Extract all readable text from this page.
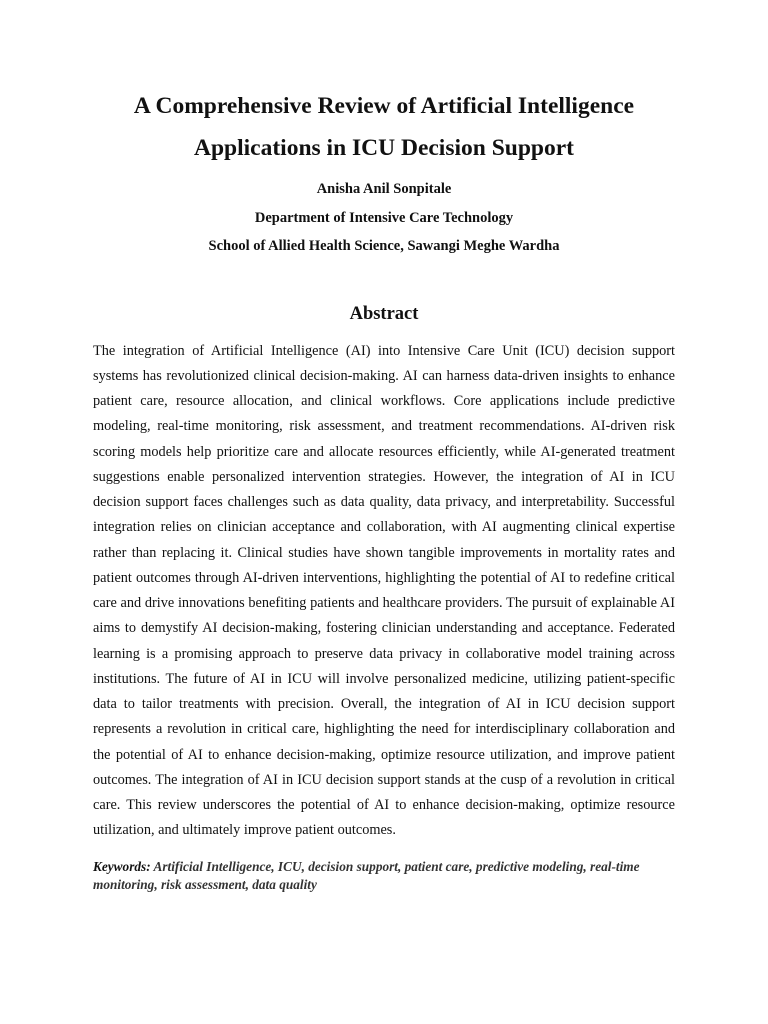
A Comprehensive Review of Artificial Intelligence
Applications in ICU Decision Support
Anisha Anil Sonpitale
Department of Intensive Care Technology
School of Allied Health Science, Sawangi Meghe Wardha
Abstract

The integration of Artificial Intelligence (AI) into Intensive Care Unit (ICU) decision support systems has revolutionized clinical decision-making. AI can harness data-driven insights to enhance patient care, resource allocation, and clinical workflows. Core applications include predictive modeling, real-time monitoring, risk assessment, and treatment recommendations. AI-driven risk scoring models help prioritize care and allocate resources efficiently, while AI-generated treatment suggestions enable personalized intervention strategies. However, the integration of AI in ICU decision support faces challenges such as data quality, data privacy, and interpretability. Successful integration relies on clinician acceptance and collaboration, with AI augmenting clinical expertise rather than replacing it. Clinical studies have shown tangible improvements in mortality rates and patient outcomes through AI-driven interventions, highlighting the potential of AI to redefine critical care and drive innovations benefiting patients and healthcare providers. The pursuit of explainable AI aims to demystify AI decision-making, fostering clinician understanding and acceptance. Federated learning is a promising approach to preserve data privacy in collaborative model training across institutions. The future of AI in ICU will involve personalized medicine, utilizing patient-specific data to tailor treatments with precision. Overall, the integration of AI in ICU decision support represents a revolution in critical care, highlighting the need for interdisciplinary collaboration and the potential of AI to enhance decision-making, optimize resource utilization, and improve patient outcomes. The integration of AI in ICU decision support stands at the cusp of a revolution in critical care. This review underscores the potential of AI to enhance decision-making, optimize resource utilization, and ultimately improve patient outcomes.

Keywords: Artificial Intelligence, ICU, decision support, patient care, predictive modeling, real-time monitoring, risk assessment, data quality
